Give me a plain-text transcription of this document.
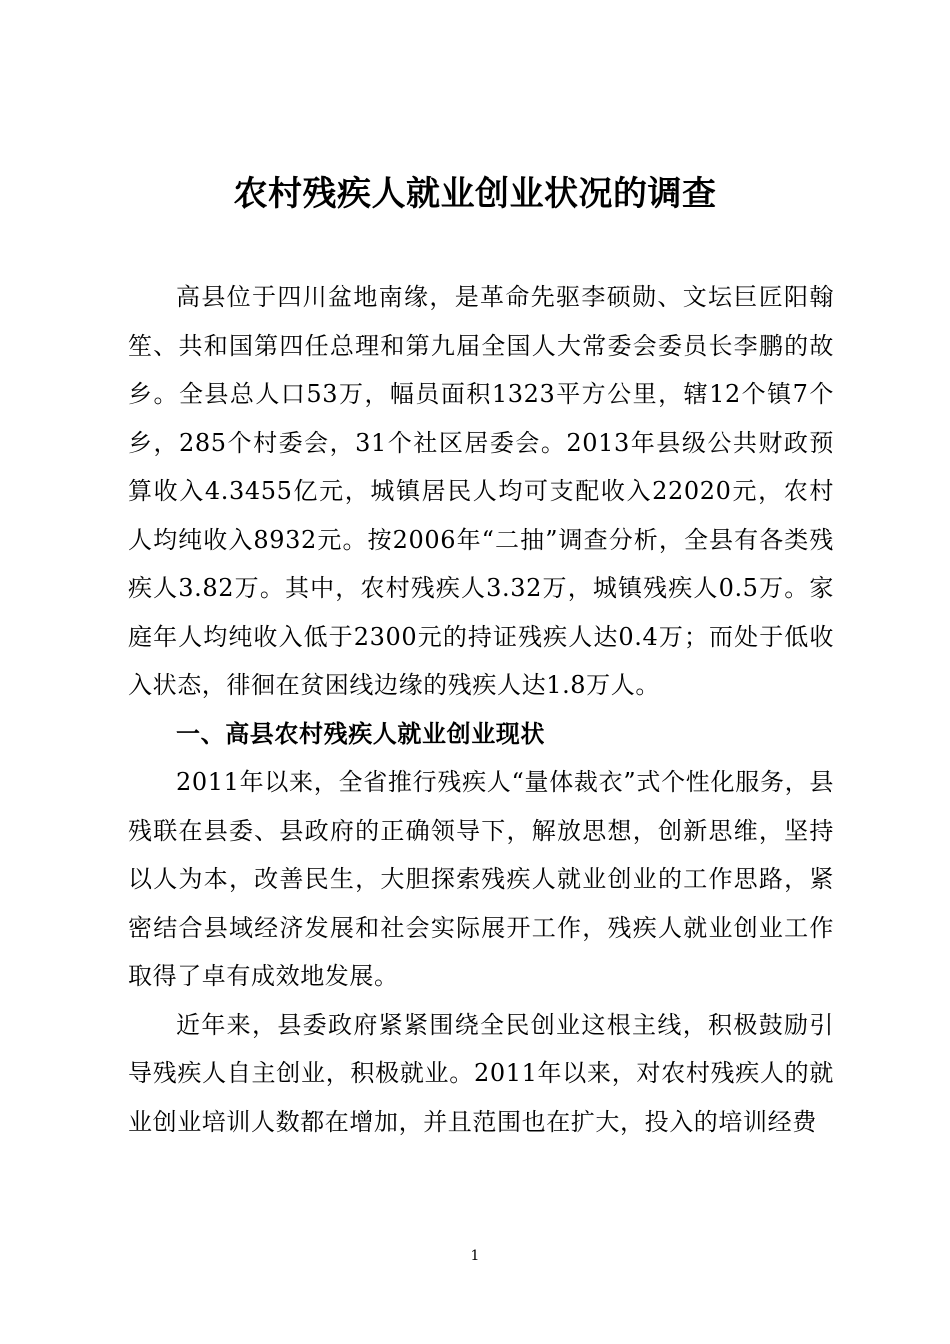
农村残疾人就业创业状况的调查

高县位于四川盆地南缘，是革命先驱李硕勋、文坛巨匠阳翰笙、共和国第四任总理和第九届全国人大常委会委员长李鹏的故乡。全县总人口53万，幅员面积1323平方公里，辖12个镇7个乡，285个村委会，31个社区居委会。2013年县级公共财政预算收入4.3455亿元，城镇居民人均可支配收入22020元，农村人均纯收入8932元。按2006年“二抽”调查分析，全县有各类残疾人3.82万。其中，农村残疾人3.32万，城镇残疾人0.5万。家庭年人均纯收入低于2300元的持证残疾人达0.4万；而处于低收入状态，徘徊在贫困线边缘的残疾人达1.8万人。

一、高县农村残疾人就业创业现状

2011年以来，全省推行残疾人“量体裁衣”式个性化服务，县残联在县委、县政府的正确领导下，解放思想，创新思维，坚持以人为本，改善民生，大胆探索残疾人就业创业的工作思路，紧密结合县域经济发展和社会实际展开工作，残疾人就业创业工作取得了卓有成效地发展。

近年来，县委政府紧紧围绕全民创业这根主线，积极鼓励引导残疾人自主创业，积极就业。2011年以来，对农村残疾人的就业创业培训人数都在增加，并且范围也在扩大，投入的培训经费

1
